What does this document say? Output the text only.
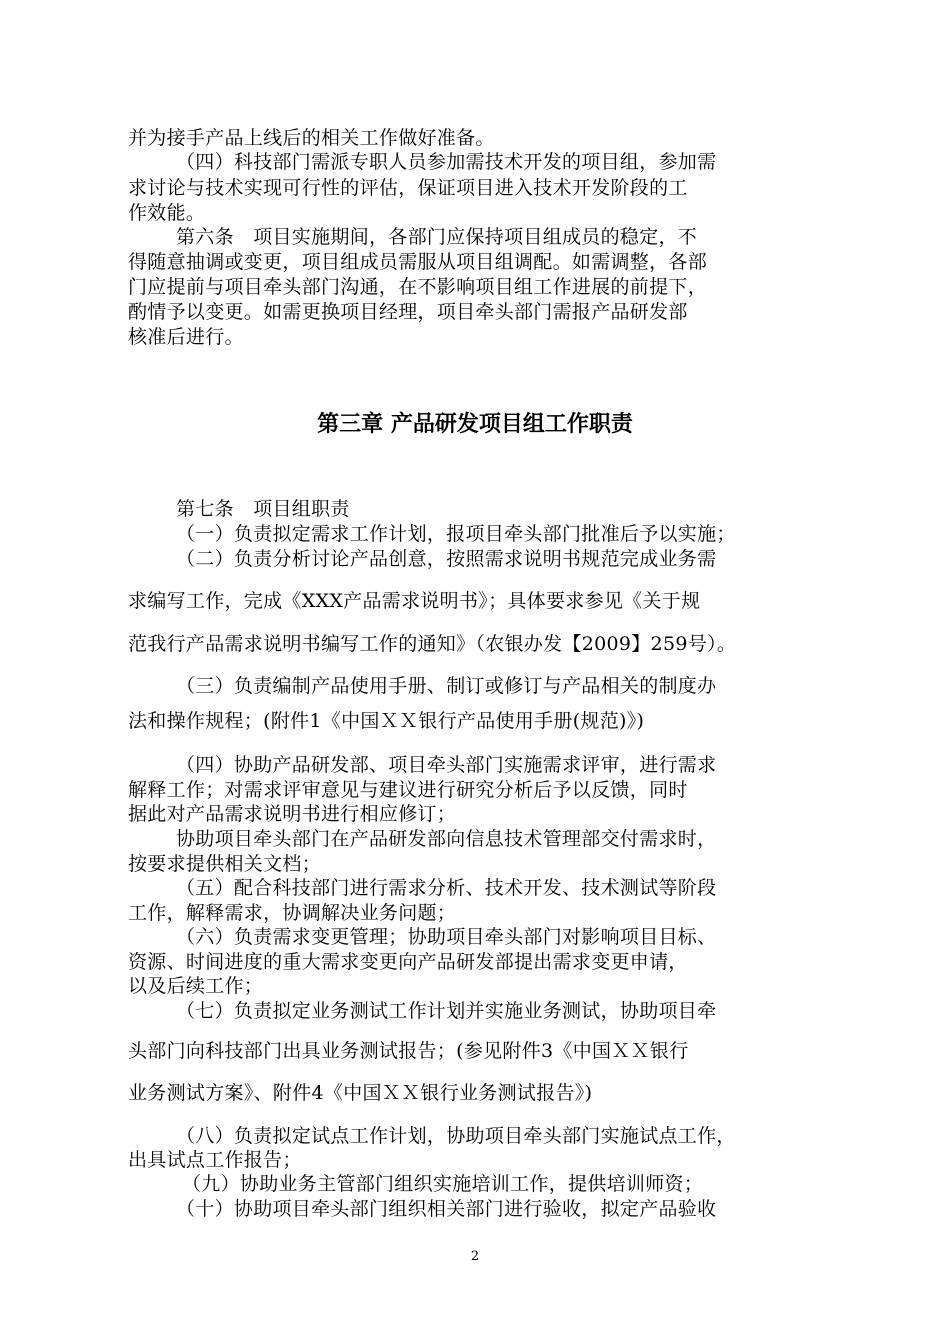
并为接手产品上线后的相关工作做好准备。
（四）科技部门需派专职人员参加需技术开发的项目组，参加需
求讨论与技术实现可行性的评估，保证项目进入技术开发阶段的工
作效能。
第六条　项目实施期间，各部门应保持项目组成员的稳定，不
得随意抽调或变更，项目组成员需服从项目组调配。如需调整，各部
门应提前与项目牵头部门沟通，在不影响项目组工作进展的前提下，
酌情予以变更。如需更换项目经理，项目牵头部门需报产品研发部
核准后进行。
第三章 产品研发项目组工作职责
第七条　项目组职责
（一）负责拟定需求工作计划，报项目牵头部门批准后予以实施；
（二）负责分析讨论产品创意，按照需求说明书规范完成业务需
求编写工作，完成《XXX产品需求说明书》；具体要求参见《关于规
范我行产品需求说明书编写工作的通知》（农银办发【2009】259号）。
（三）负责编制产品使用手册、制订或修订与产品相关的制度办
法和操作规程；(附件1《中国ＸＸ银行产品使用手册(规范)》)
（四）协助产品研发部、项目牵头部门实施需求评审，进行需求
解释工作；对需求评审意见与建议进行研究分析后予以反馈，同时
据此对产品需求说明书进行相应修订；
协助项目牵头部门在产品研发部向信息技术管理部交付需求时，
按要求提供相关文档；
（五）配合科技部门进行需求分析、技术开发、技术测试等阶段
工作，解释需求，协调解决业务问题；
（六）负责需求变更管理；协助项目牵头部门对影响项目目标、
资源、时间进度的重大需求变更向产品研发部提出需求变更申请，
以及后续工作；
（七）负责拟定业务测试工作计划并实施业务测试，协助项目牵
头部门向科技部门出具业务测试报告；(参见附件3《中国ＸＸ银行
业务测试方案》、附件4《中国ＸＸ银行业务测试报告》)
（八）负责拟定试点工作计划，协助项目牵头部门实施试点工作，
出具试点工作报告；
（九）协助业务主管部门组织实施培训工作，提供培训师资；
（十）协助项目牵头部门组织相关部门进行验收，拟定产品验收
2
